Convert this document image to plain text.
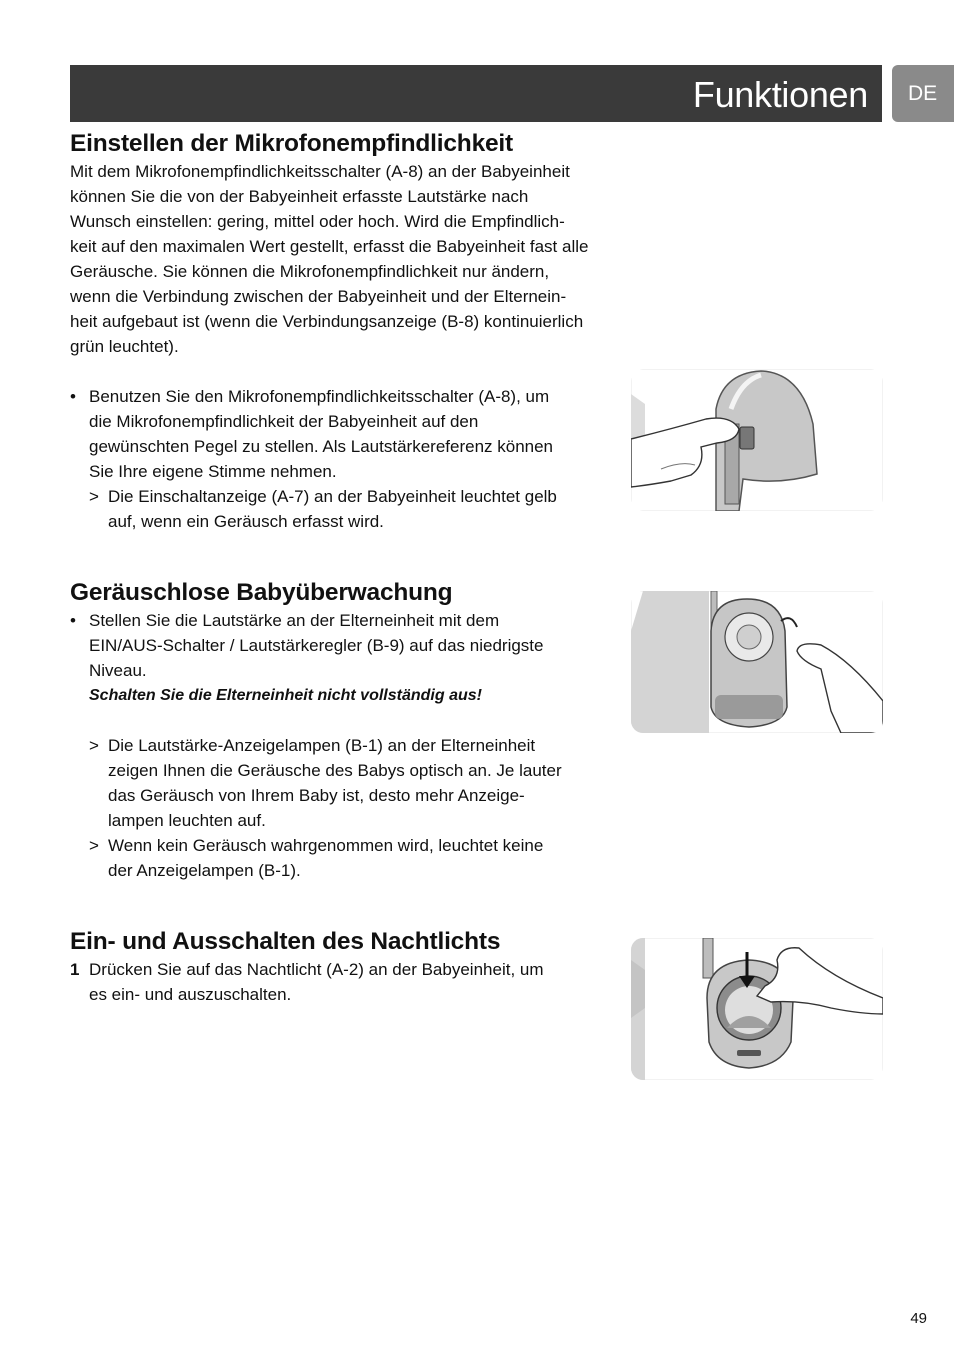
Funktionen	DE
Einstellen der Mikrofonempfindlichkeit
Mit dem Mikrofonempfindlichkeitsschalter (A-8) an der Babyeinheit
können Sie die von der Babyeinheit erfasste Lautstärke nach
Wunsch einstellen: gering, mittel oder hoch. Wird die Empfindlich-
keit auf den maximalen Wert gestellt, erfasst die Babyeinheit fast alle
Geräusche. Sie können die Mikrofonempfindlichkeit nur ändern,
wenn die Verbindung zwischen der Babyeinheit und der Elternein-
heit aufgebaut ist (wenn die Verbindungsanzeige (B-8) kontinuierlich
grün leuchtet).
• Benutzen Sie den Mikrofonempfindlichkeitsschalter (A-8), um
die Mikrofonempfindlichkeit der Babyeinheit auf den
gewünschten Pegel zu stellen. Als Lautstärkereferenz können
Sie Ihre eigene Stimme nehmen.
> Die Einschaltanzeige (A-7) an der Babyeinheit leuchtet gelb
auf, wenn ein Geräusch erfasst wird.
Geräuschlose Babyüberwachung
• Stellen Sie die Lautstärke an der Elterneinheit mit dem
EIN/AUS-Schalter / Lautstärkeregler (B-9) auf das niedrigste
Niveau.
Schalten Sie die Elterneinheit nicht vollständig aus!
> Die Lautstärke-Anzeigelampen (B-1) an der Elterneinheit
zeigen Ihnen die Geräusche des Babys optisch an. Je lauter
das Geräusch von Ihrem Baby ist, desto mehr Anzeige-
lampen leuchten auf.
> Wenn kein Geräusch wahrgenommen wird, leuchtet keine
der Anzeigelampen (B-1).
Ein- und Ausschalten des Nachtlichts
1 Drücken Sie auf das Nachtlicht (A-2) an der Babyeinheit, um
es ein- und auszuschalten.
49
